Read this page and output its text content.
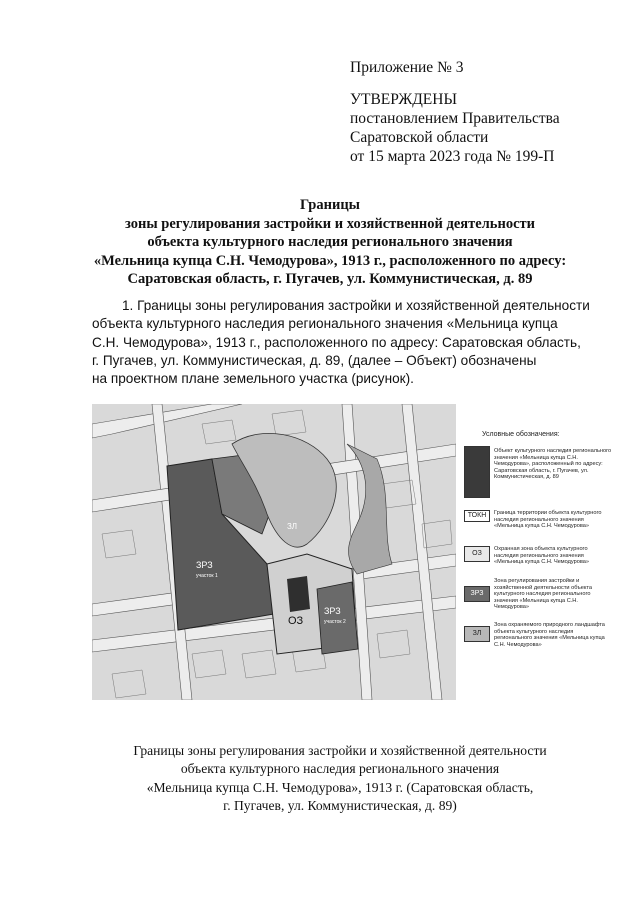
Приложение № 3
УТВЕРЖДЕНЫ
постановлением Правительства
Саратовской области
от 15 марта 2023 года № 199-П
Границы
зоны регулирования застройки и хозяйственной деятельности
объекта культурного наследия регионального значения
«Мельница купца С.Н. Чемодурова», 1913 г., расположенного по адресу:
Саратовская область, г. Пугачев, ул. Коммунистическая, д. 89
1. Границы зоны регулирования застройки и хозяйственной деятельности
объекта культурного наследия регионального значения «Мельница купца
С.Н. Чемодурова», 1913 г., расположенного по адресу: Саратовская область,
г. Пугачев, ул. Коммунистическая, д. 89, (далее – Объект) обозначены
на проектном плане земельного участка (рисунок).
ЗРЗ
участок 1
ЗРЗ
участок 2
ОЗ
ЗЛ
Условные обозначения:
Объект культурного наследия регионального значения «Мельница купца С.Н. Чемодурова», расположенный по адресу: Саратовская область, г. Пугачев, ул. Коммунистическая, д. 89
ТОКН	Граница территории объекта культурного наследия регионального значения «Мельница купца С.Н. Чемодурова»
ОЗ
Охранная зона объекта культурного наследия регионального значения «Мельница купца С.Н. Чемодурова»
ЗРЗ
Зона регулирования застройки и хозяйственной деятельности объекта культурного наследия регионального значения «Мельница купца С.Н. Чемодурова»
ЗЛ
Зона охраняемого природного ландшафта объекта культурного наследия регионального значения «Мельница купца С.Н. Чемодурова»
Границы зоны регулирования застройки и хозяйственной деятельности
объекта культурного наследия регионального значения
«Мельница купца С.Н. Чемодурова», 1913 г. (Саратовская область,
г. Пугачев, ул. Коммунистическая, д. 89)
